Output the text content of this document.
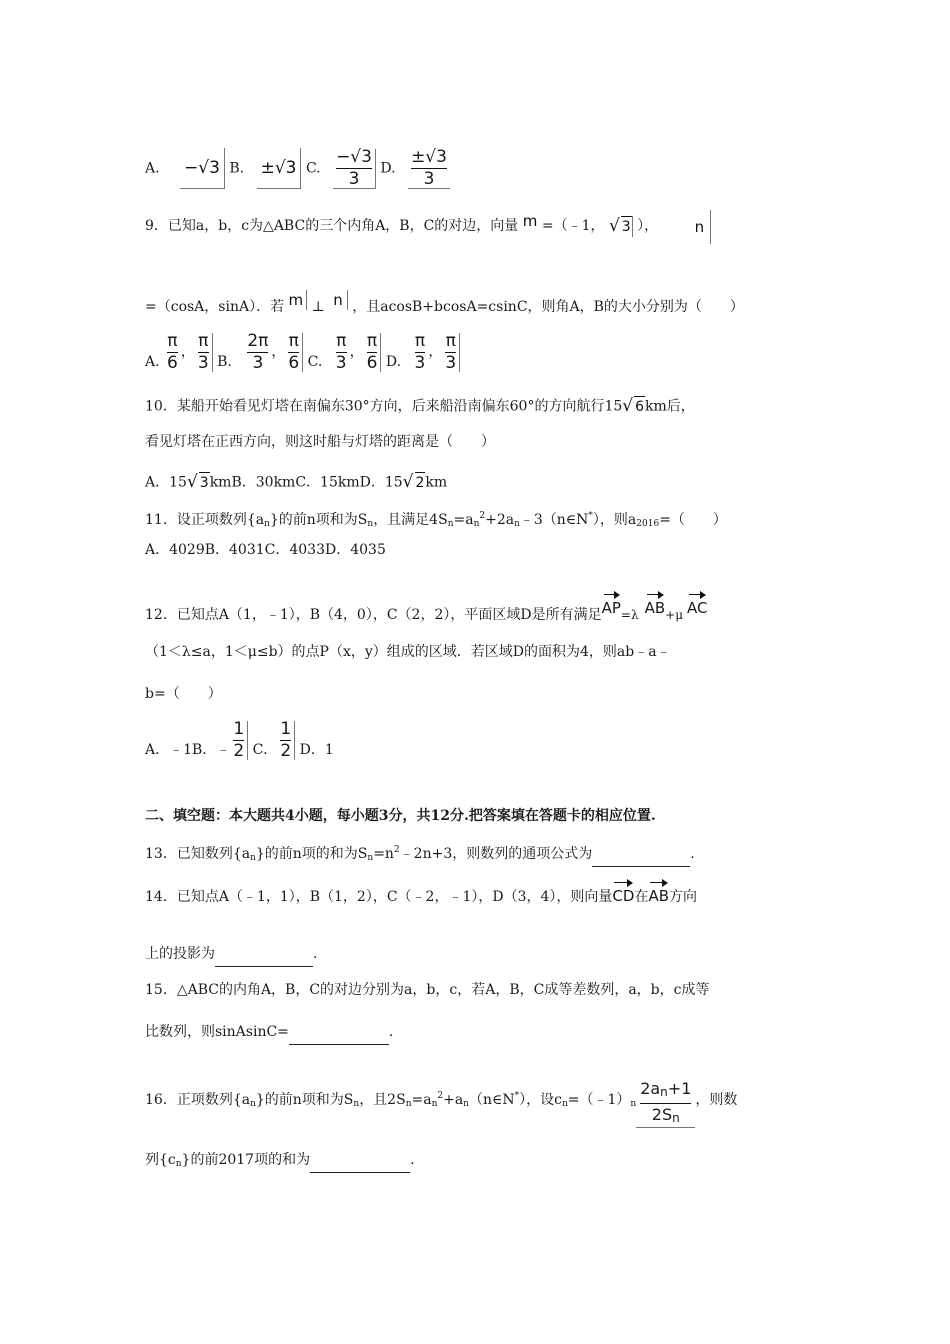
A. −√3 B. ±√3 C. $\frac{-√3}{3} D$. $\frac{\pm√3}{3}$
9．已知a，b，c为△ABC的三个内角A，B，C的对边，向量 m =（﹣1， √ 3 ）， n
=（cosA，sinA）．若 m ⊥ n ，且acosB+bcosA=csinC，则角A，B的大小分别为（　　）
A. $\frac{\pi}{6}$ ， $\frac{\pi}{3} B$. $\frac{2\pi}{3}$ ， $\frac{\pi}{6} C$. $\frac{\pi}{3}$ ， $\frac{\pi}{6} D$. $\frac{\pi}{3}$ ， $\frac{\pi}{3}$
10．某船开始看见灯塔在南偏东30°方向，后来船沿南偏东60°的方向航行15√ 6km后，
看见灯塔在正西方向，则这时船与灯塔的距离是（　　）
A．15√ 3kmB．30kmC．15kmD．15√ 2km
11．设正项数列$\{a_n\}$的前n项和为$S_n$，且满足$4S_n=a_n^2+2a_n﹣3(n\in N^*)$，则$a_{2016}=$（　　）
A．4029B．4031C．4033D．4035
12．已知点A（1，﹣1），B（4，0），C（2，2），平面区域D是所有满足
AP=λ AB+μ AC
（1＜λ≤a，1＜μ≤b）的点P（x，y）组成的区域．若区域D的面积为4，则ab﹣a﹣
b=（　　）
A．﹣1B．﹣ $\frac{1}{2}$ C． $\frac{1}{2}$ D．1
二、填空题：本大题共4小题，每小题3分，共12分.把答案填在答题卡的相应位置.
13．已知数列$\{a_n\}$的前n项的和为$S_n=n^2﹣2n+3$，则数列的通项公式为	.
14．已知点A（﹣1，1），B（1，2），C（﹣2，﹣1），D（3，4），则向量
CD在
AB方向
上的投影为	.
15．△ABC的内角A，B，C的对边分别为a，b，c，若A，B，C成等差数列，a，b，c成等
比数列，则sinAsinC=	.
16．正项数列$\{a_n\}$的前n项和为$S_n$，且$2S_n=a_n^2+a_n(n\in N^*)$，设$c_n=(﹣1)_n \frac{2an+1}{2Sn}$ ，则数
列$\{c_n\}$的前2017项的和为	.
